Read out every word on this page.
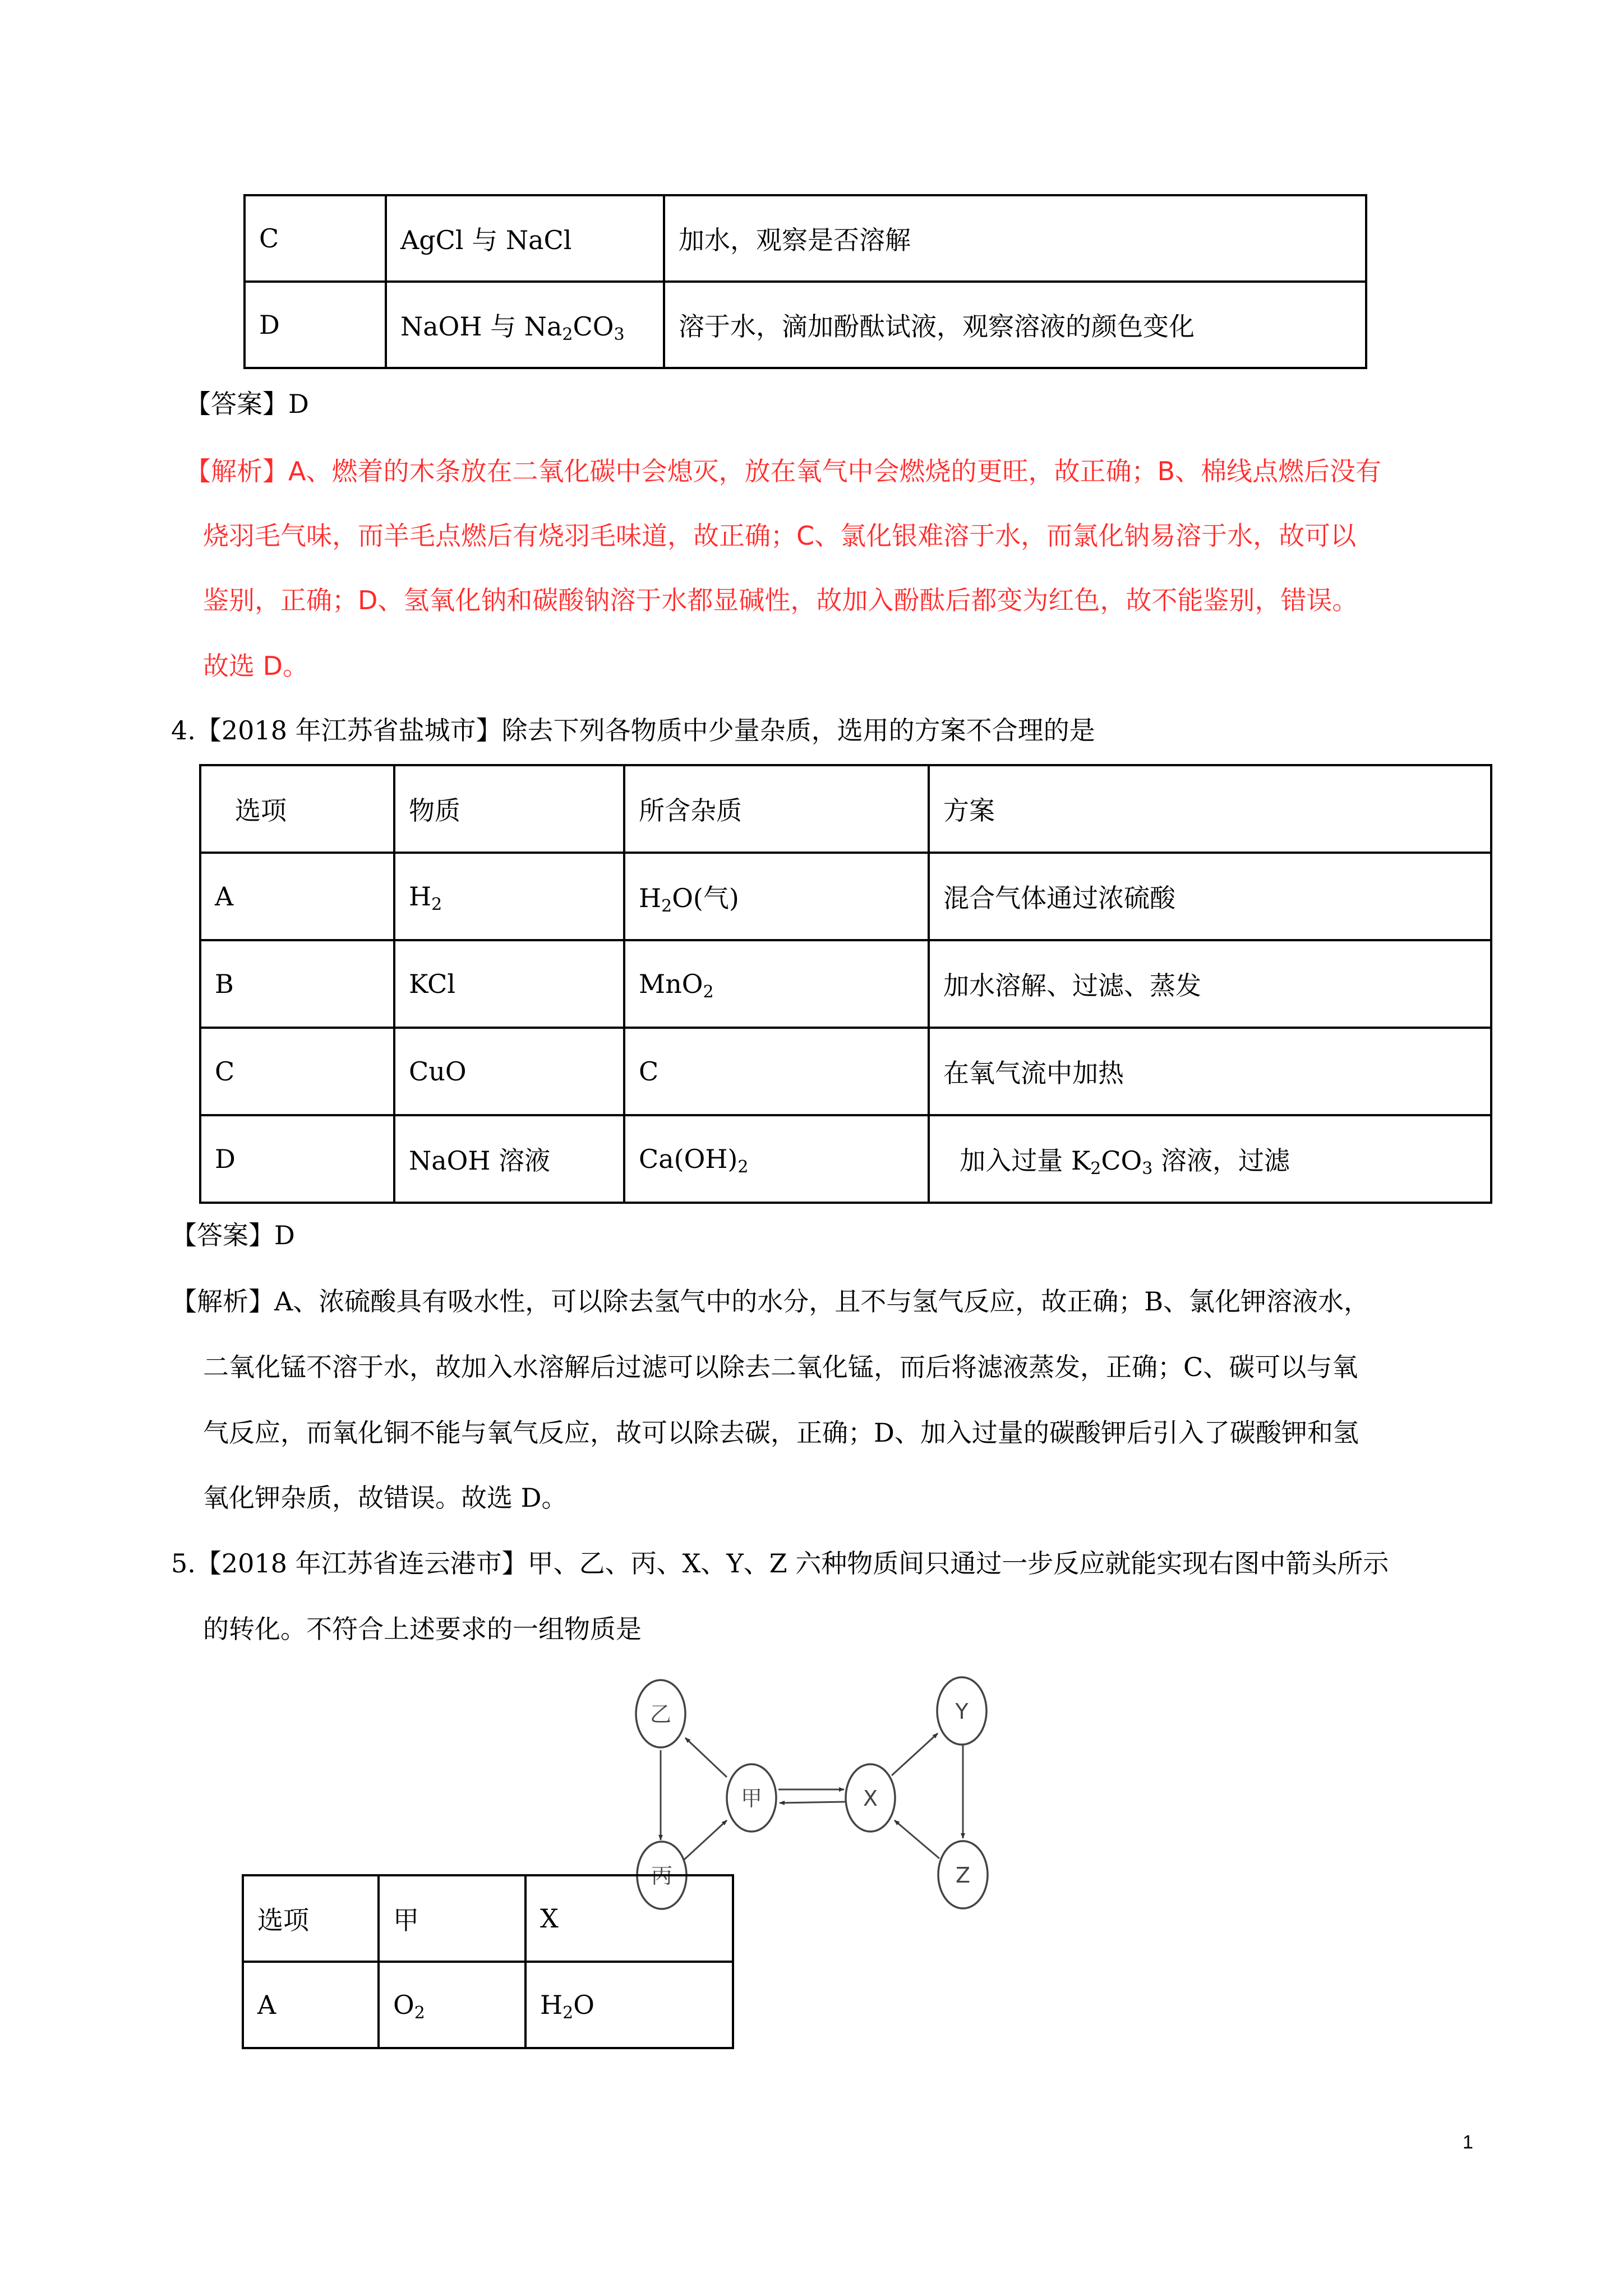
C	AgCl 与 NaCl	加水，观察是否溶解
D	NaOH 与 $Na_2CO_3$	溶于水，滴加酚酞试液，观察溶液的颜色变化
【答案】D
【解析】A、燃着的木条放在二氧化碳中会熄灭，放在氧气中会燃烧的更旺，故正确；B、棉线点燃后没有
烧羽毛气味，而羊毛点燃后有烧羽毛味道，故正确；C、氯化银难溶于水，而氯化钠易溶于水，故可以
鉴别，正确；D、氢氧化钠和碳酸钠溶于水都显碱性，故加入酚酞后都变为红色，故不能鉴别，错误。
故选 D。
4.【2018 年江苏省盐城市】除去下列各物质中少量杂质，选用的方案不合理的是
选项	物质	所含杂质	方案
A	$H_2$	$H_2O$(气)	混合气体通过浓硫酸
B	KCl	MnO$_2$	加水溶解、过滤、蒸发
C	CuO	C	在氧气流中加热
D	NaOH 溶液	$Ca(OH)_2$	加入过量 $K_2CO_3$ 溶液，过滤
【答案】D
【解析】A、浓硫酸具有吸水性，可以除去氢气中的水分，且不与氢气反应，故正确；B、氯化钾溶液水，
二氧化锰不溶于水，故加入水溶解后过滤可以除去二氧化锰，而后将滤液蒸发，正确；C、碳可以与氧
气反应，而氧化铜不能与氧气反应，故可以除去碳，正确；D、加入过量的碳酸钾后引入了碳酸钾和氢
氧化钾杂质，故错误。故选 D。
5.【2018 年江苏省连云港市】甲、乙、丙、X、Y、Z 六种物质间只通过一步反应就能实现右图中箭头所示
的转化。不符合上述要求的一组物质是
乙
丙
甲	X
Y
Z
选项	甲	X
A	$O_2$	$H_2O$
1
